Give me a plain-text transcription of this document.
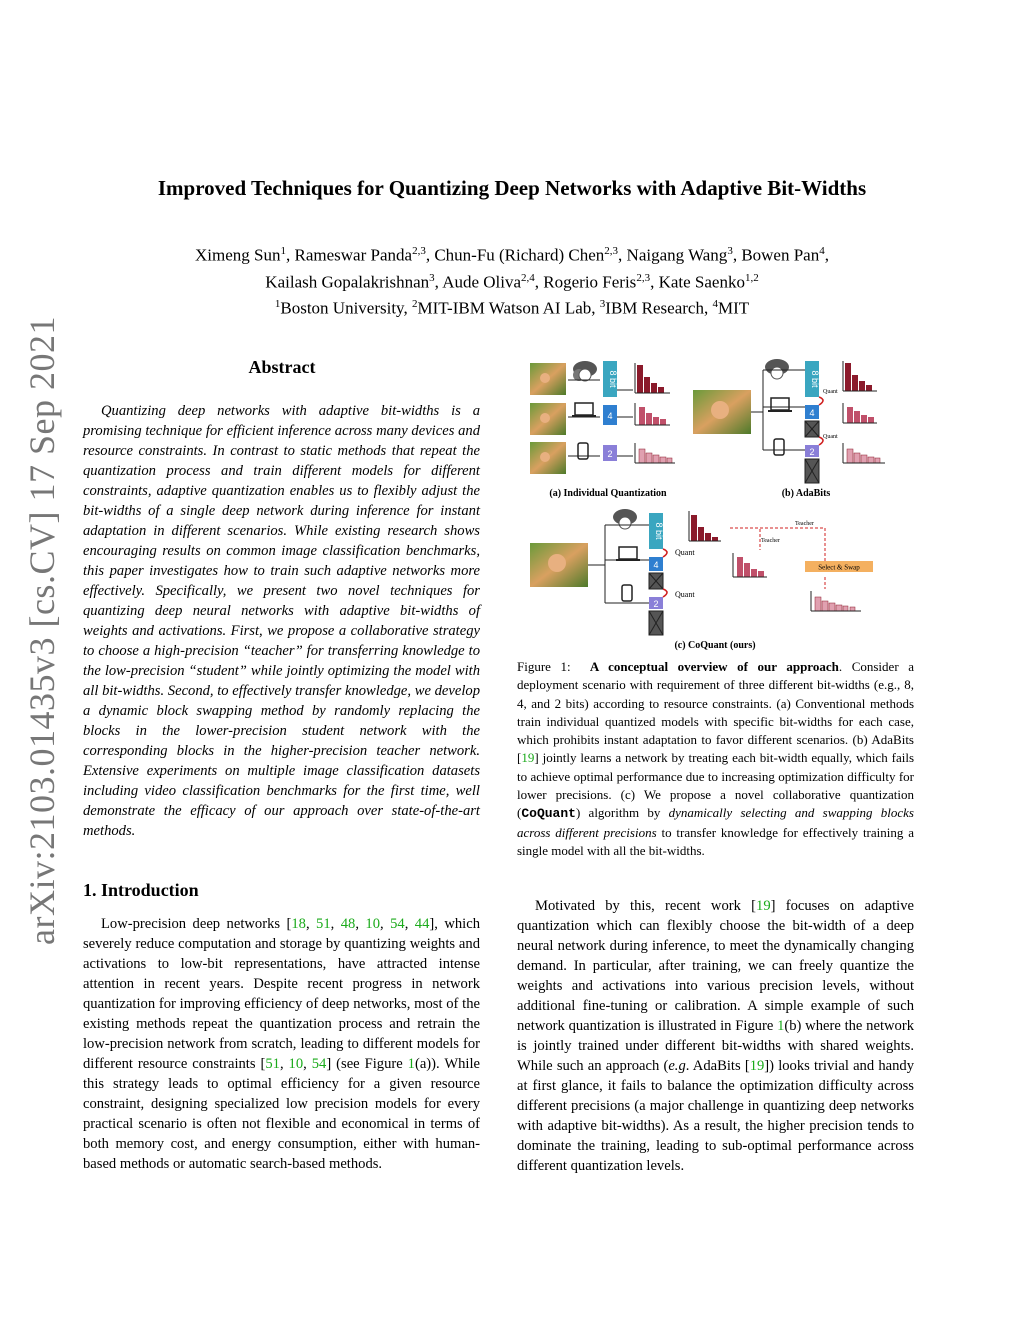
Improved Techniques for Quantizing Deep Networks with Adaptive Bit-Widths
Ximeng Sun$^1$, Rameswar Panda$^{2,3}$, Chun-Fu (Richard) Chen$^{2,3}$, Naigang Wang$^3$, Bowen Pan$^4$,
Kailash Gopalakrishnan$^3$, Aude Oliva$^{2,4}$, Rogerio Feris$^{2,3}$, Kate Saenko$^{1,2}$
$^1$Boston University, $^2$MIT-IBM Watson AI Lab, $^3$IBM Research, $^4$MIT
arXiv:2103.01435v3 [cs.CV] 17 Sep 2021	Abstract
Quantizing deep networks with adaptive bit-widths is a promising technique for efficient inference across many devices and resource constraints. In contrast to static methods that repeat the quantization process and train different models for different constraints, adaptive quantization enables us to flexibly adjust the bit-widths of a single deep network during inference for instant adaptation in different scenarios. While existing research shows encouraging results on common image classification benchmarks, this paper investigates how to train such adaptive networks more effectively. Specifically, we present two novel techniques for quantizing deep neural networks with adaptive bit-widths of weights and activations. First, we propose a collaborative strategy to choose a high-precision “teacher” for transferring knowledge to the low-precision “student” while jointly optimizing the model with all bit-widths. Second, to effectively transfer knowledge, we develop a dynamic block swapping method by randomly replacing the blocks in the lower-precision student network with the corresponding blocks in the higher-precision teacher network. Extensive experiments on multiple image classification datasets including video classification benchmarks for the first time, well demonstrate the efficacy of our approach over state-of-the-art methods.
1. Introduction
Low-precision deep networks [18, 51, 48, 10, 54, 44], which severely reduce computation and storage by quantizing weights and activations to low-bit representations, have attracted intense attention in recent years. Despite recent progress in network quantization for improving efficiency of deep networks, most of the existing methods repeat the quantization process and retrain the low-precision network from scratch, leading to different models for different resource constraints [51, 10, 54] (see Figure 1(a)). While this strategy leads to optimal efficiency for a given resource constraint, designing specialized low precision models for every practical scenario is often not flexible and economical in terms of both memory cost, and energy consumption, either with human-based methods or automatic search-based methods.
Motivated by this, recent work [19] focuses on adaptive quantization which can flexibly choose the bit-width of a deep neural network during inference, to meet the dynamically changing demand. In particular, after training, we can freely quantize the weights and activations into various precision levels, without additional fine-tuning or calibration. A simple example of such network quantization is illustrated in Figure 1(b) where the network is jointly trained under different bit-widths with shared weights. While such an approach (e.g. AdaBits [19]) looks trivial and handy at first glance, it fails to balance the optimization difficulty across different precisions (a major challenge in quantizing deep networks with adaptive bit-widths). As a result, the higher precision tends to dominate the training, leading to sub-optimal performance across different quantization levels.
Figure 1: A conceptual overview of our approach. Consider a deployment scenario with requirement of three different bit-widths (e.g., 8, 4, and 2 bits) according to resource constraints. (a) Conventional methods train individual quantized models with specific bit-widths for each case, which prohibits instant adaptation to favor different scenarios. (b) AdaBits [19] jointly learns a network by treating each bit-width equally, which fails to achieve optimal performance due to increasing optimization difficulty for lower precisions. (c) We propose a novel collaborative quantization (CoQuant) algorithm by dynamically selecting and swapping blocks across different precisions to transfer knowledge for effectively training a single model with all the bit-widths.
8 bit
4
2
(a) Individual Quantization
8 bit
4
2
Quant
Quant
(b) AdaBits
8 bit
4
2
Quant
Quant
Teacher
Teacher
Select & Swap
(c) CoQuant (ours)
